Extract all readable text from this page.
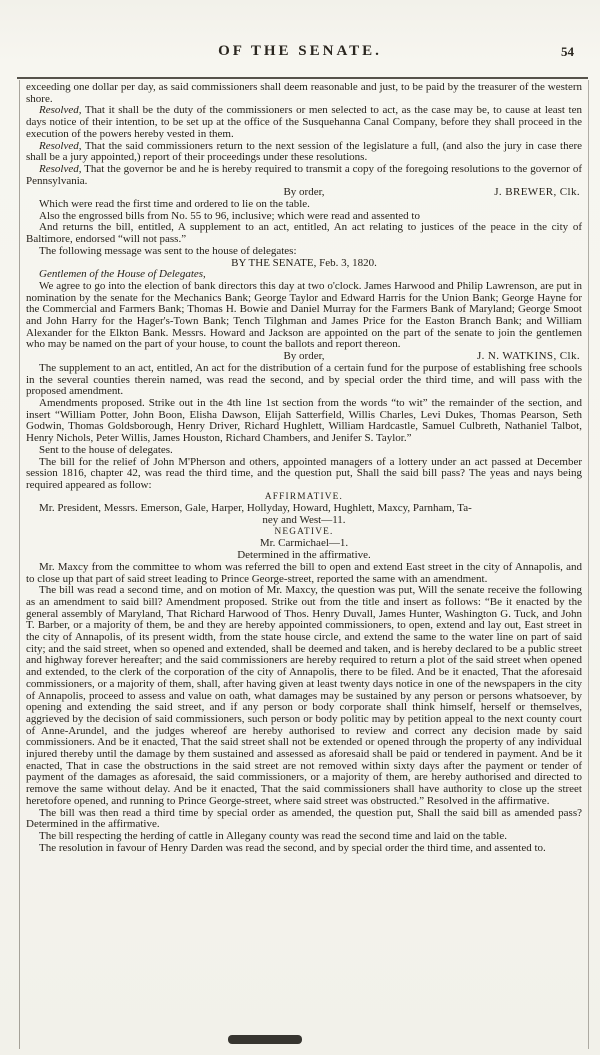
OF THE SENATE.	54

exceeding one dollar per day, as said commissioners shall deem reasonable and just, to be paid by the treasurer of the western shore.

Resolved, That it shall be the duty of the commissioners or men selected to act, as the case may be, to cause at least ten days notice of their intention, to be set up at the office of the Susquehanna Canal Company, before they shall proceed in the execution of the powers hereby vested in them.

Resolved, That the said commissioners return to the next session of the legislature a full, (and also the jury in case there shall be a jury appointed,) report of their proceedings under these resolutions.

Resolved, That the governor be and he is hereby required to transmit a copy of the foregoing resolutions to the governor of Pennsylvania.

By order,	J. BREWER, Clk.

Which were read the first time and ordered to lie on the table.

Also the engrossed bills from No. 55 to 96, inclusive; which were read and assented to

And returns the bill, entitled, A supplement to an act, entitled, An act relating to justices of the peace in the city of Baltimore, endorsed “will not pass.”

The following message was sent to the house of delegates:

BY THE SENATE, Feb. 3, 1820.

Gentlemen of the House of Delegates,

We agree to go into the election of bank directors this day at two o'clock. James Harwood and Philip Lawrenson, are put in nomination by the senate for the Mechanics Bank; George Taylor and Edward Harris for the Union Bank; George Hayne for the Commercial and Farmers Bank; Thomas H. Bowie and Daniel Murray for the Farmers Bank of Maryland; George Smoot and John Harry for the Hager's-Town Bank; Tench Tilghman and James Price for the Easton Branch Bank; and William Alexander for the Elkton Bank. Messrs. Howard and Jackson are appointed on the part of the senate to join the gentlemen who may be named on the part of your house, to count the ballots and report thereon.

By order,	J. N. WATKINS, Clk.

The supplement to an act, entitled, An act for the distribution of a certain fund for the purpose of establishing free schools in the several counties therein named, was read the second, and by special order the third time, and will pass with the proposed amendment.

Amendments proposed. Strike out in the 4th line 1st section from the words “to wit” the remainder of the section, and insert “William Potter, John Boon, Elisha Dawson, Elijah Satterfield, Willis Charles, Levi Dukes, Thomas Pearson, Seth Godwin, Thomas Goldsborough, Henry Driver, Richard Hughlett, William Hardcastle, Samuel Culbreth, Nathaniel Talbot, Henry Nichols, Peter Willis, James Houston, Richard Chambers, and Jenifer S. Taylor.”

Sent to the house of delegates.

The bill for the relief of John M'Pherson and others, appointed managers of a lottery under an act passed at December session 1816, chapter 42, was read the third time, and the question put, Shall the said bill pass? The yeas and nays being required appeared as follow:

AFFIRMATIVE.

Mr. President, Messrs. Emerson, Gale, Harper, Hollyday, Howard, Hughlett, Maxcy, Parnham, Ta-

ney and West—11.

NEGATIVE.

Mr. Carmichael—1.

Determined in the affirmative.

Mr. Maxcy from the committee to whom was referred the bill to open and extend East street in the city of Annapolis, and to close up that part of said street leading to Prince George-street, reported the same with an amendment.

The bill was read a second time, and on motion of Mr. Maxcy, the question was put, Will the senate receive the following as an amendment to said bill? Amendment proposed. Strike out from the title and insert as follows: “Be it enacted by the general assembly of Maryland, That Richard Harwood of Thos. Henry Duvall, James Hunter, Washington G. Tuck, and John T. Barber, or a majority of them, be and they are hereby appointed commissioners, to open, extend and lay out, East street in the city of Annapolis, of its present width, from the state house circle, and extend the same to the water line on part of said city; and the said street, when so opened and extended, shall be deemed and taken, and is hereby declared to be a public street and highway forever hereafter; and the said commissioners are hereby required to return a plot of the said street when opened and extended, to the clerk of the corporation of the city of Annapolis, there to be filed. And be it enacted, That the aforesaid commissioners, or a majority of them, shall, after having given at least twenty days notice in one of the newspapers in the city of Annapolis, proceed to assess and value on oath, what damages may be sustained by any person or persons whatsoever, by opening and extending the said street, and if any person or body corporate shall think himself, herself or themselves, aggrieved by the decision of said commissioners, such person or body politic may by petition appeal to the next county court of Anne-Arundel, and the judges whereof are hereby authorised to review and correct any decision made by said commissioners. And be it enacted, That the said street shall not be extended or opened through the property of any individual injured thereby until the damage by them sustained and assessed as aforesaid shall be paid or tendered in payment. And be it enacted, That in case the obstructions in the said street are not removed within sixty days after the payment or tender of payment of the damages as aforesaid, the said commissioners, or a majority of them, are hereby authorised and directed to remove the same without delay. And be it enacted, That the said commissioners shall have authority to close up the street heretofore opened, and running to Prince George-street, where said street was obstructed.” Resolved in the affirmative.

The bill was then read a third time by special order as amended, the question put, Shall the said bill as amended pass? Determined in the affirmative.

The bill respecting the herding of cattle in Allegany county was read the second time and laid on the table.

The resolution in favour of Henry Darden was read the second, and by special order the third time, and assented to.
